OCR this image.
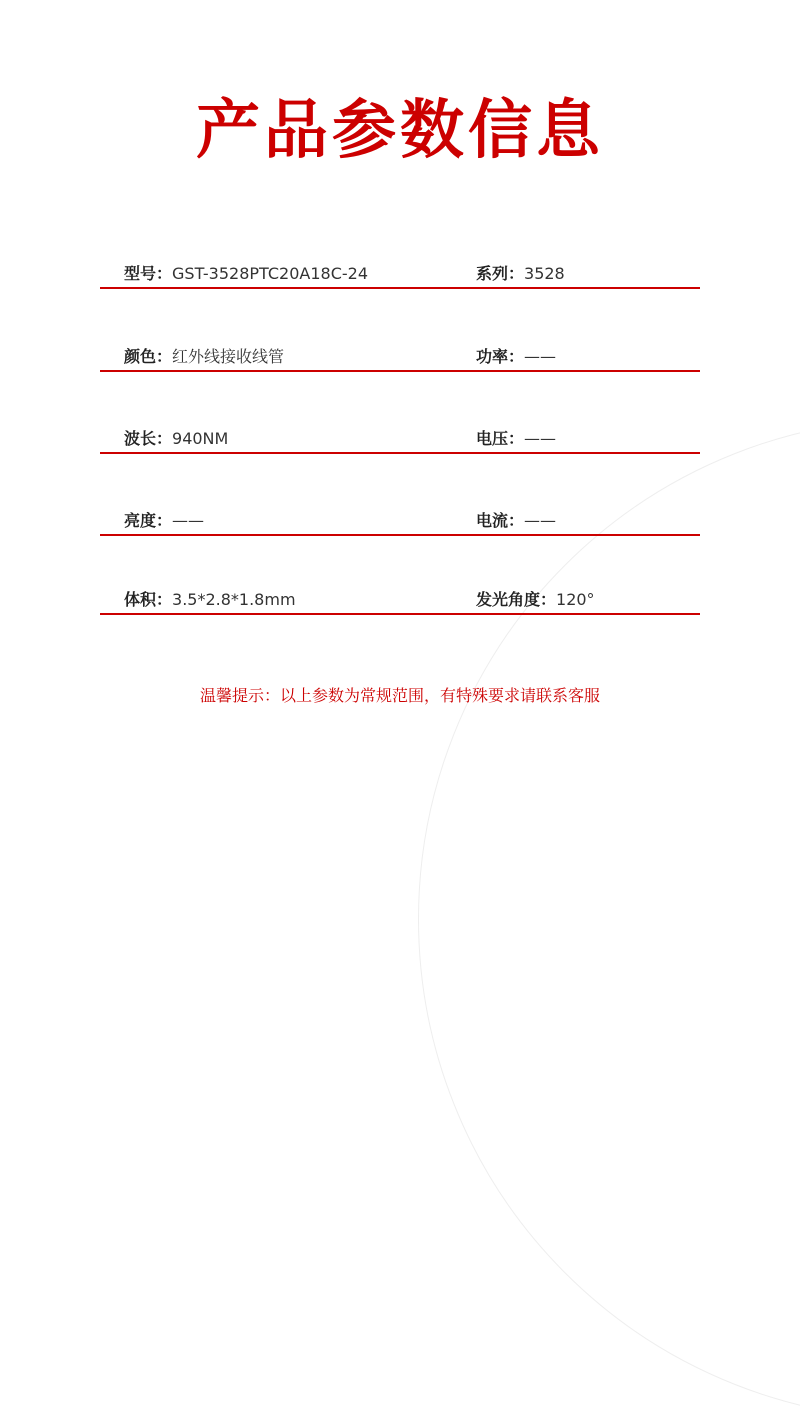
产品参数信息
型号：GST-3528PTC20A18C-24	系列：3528
颜色：红外线接收线管	功率：——
波长：940NM	电压：——
亮度：——	电流：——
体积：3.5*2.8*1.8mm	发光角度：120°
温馨提示：以上参数为常规范围，有特殊要求请联系客服
